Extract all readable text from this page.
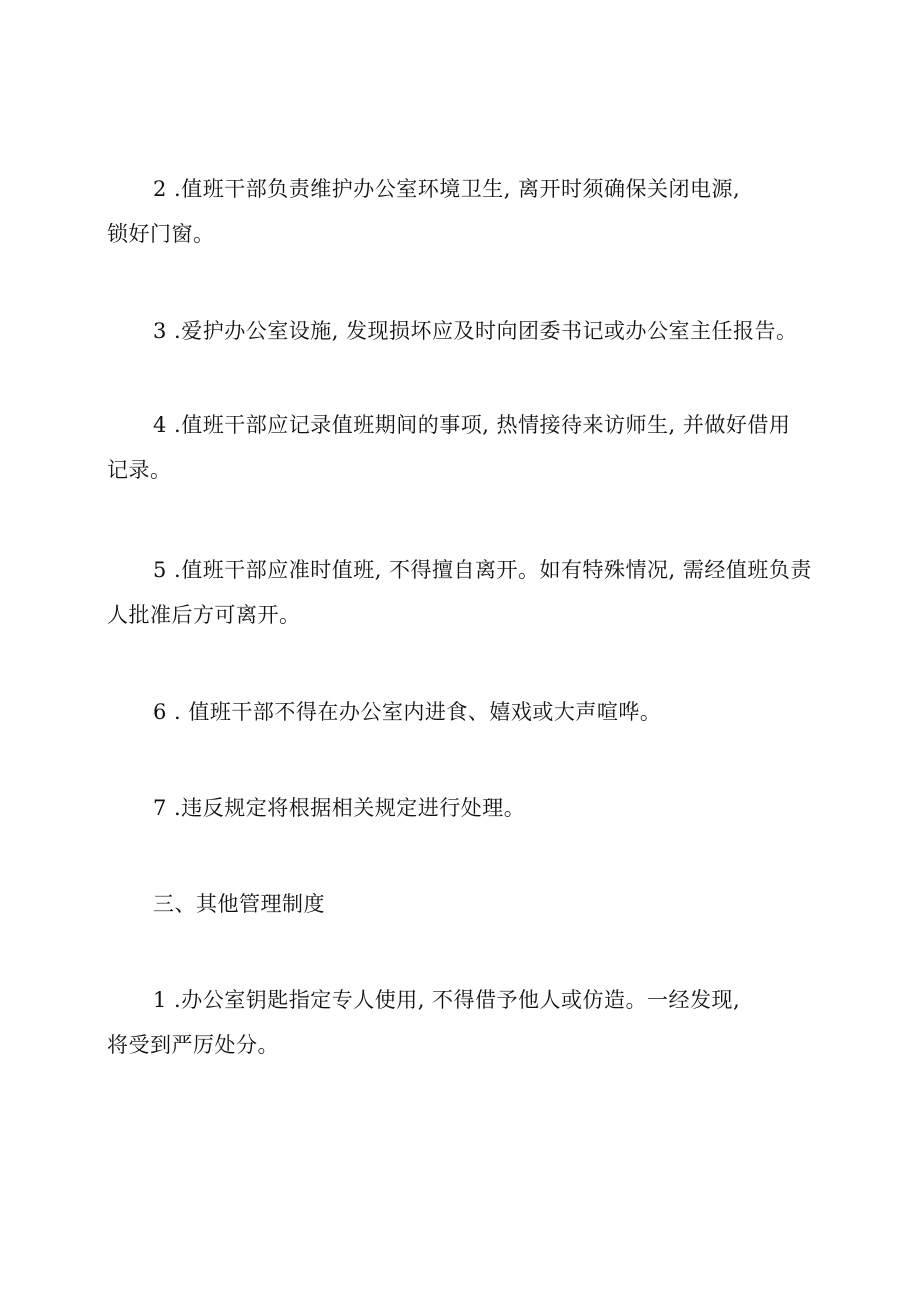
2 .值班干部负责维护办公室环境卫生, 离开时须确保关闭电源,
锁好门窗。
3 .爱护办公室设施, 发现损坏应及时向团委书记或办公室主任报告。
4 .值班干部应记录值班期间的事项, 热情接待来访师生, 并做好借用
记录。
5 .值班干部应准时值班, 不得擅自离开。如有特殊情况, 需经值班负责
人批准后方可离开。
6 . 值班干部不得在办公室内进食、嬉戏或大声喧哗。
7 .违反规定将根据相关规定进行处理。
三、其他管理制度
1 .办公室钥匙指定专人使用, 不得借予他人或仿造。一经发现,
将受到严厉处分。
